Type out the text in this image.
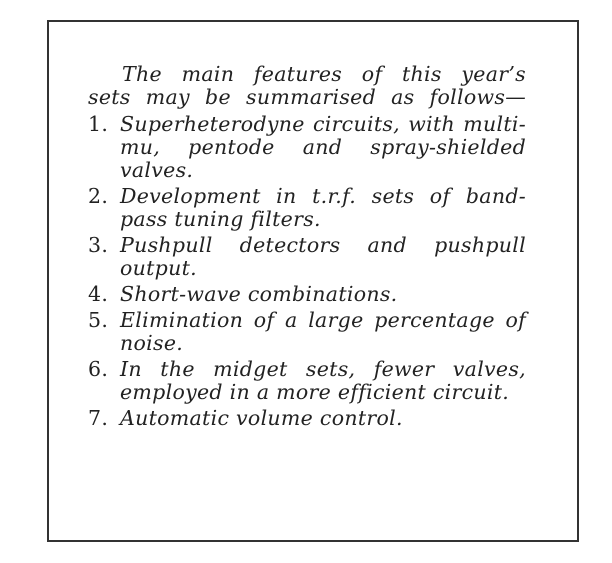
The main features of this year’s
sets may be summarised as follows—

1. Superheterodyne circuits, with multi-mu, pentode and spray-shielded valves.
2. Development in t.r.f. sets of band-pass tuning filters.
3. Pushpull detectors and pushpull output.
4. Short-wave combinations.
5. Elimination of a large percentage of noise.
6. In the midget sets, fewer valves, employed in a more efficient circuit.
7. Automatic volume control.
